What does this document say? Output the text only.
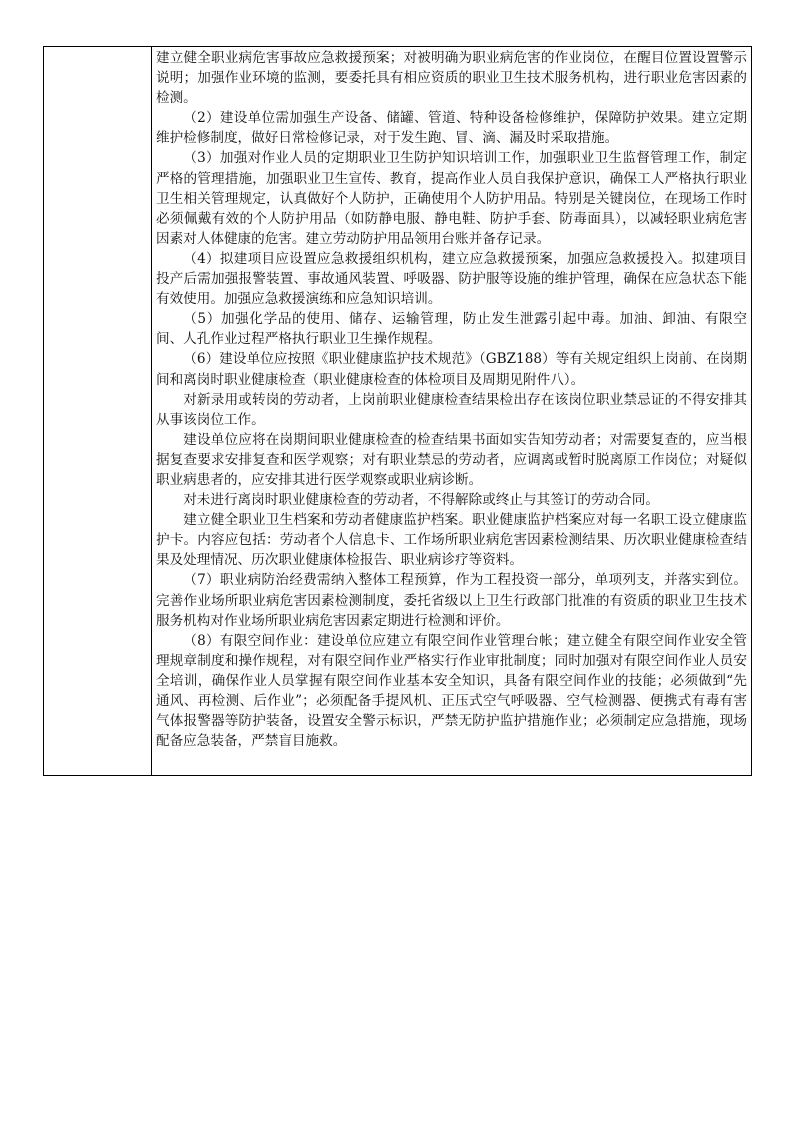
建立健全职业病危害事故应急救援预案；对被明确为职业病危害的作业岗位，在醒目位置设置警示说明；加强作业环境的监测，要委托具有相应资质的职业卫生技术服务机构，进行职业危害因素的检测。

（2）建设单位需加强生产设备、储罐、管道、特种设备检修维护，保障防护效果。建立定期维护检修制度，做好日常检修记录，对于发生跑、冒、滴、漏及时采取措施。

（3）加强对作业人员的定期职业卫生防护知识培训工作，加强职业卫生监督管理工作，制定严格的管理措施，加强职业卫生宣传、教育，提高作业人员自我保护意识，确保工人严格执行职业卫生相关管理规定，认真做好个人防护，正确使用个人防护用品。特别是关键岗位，在现场工作时必须佩戴有效的个人防护用品（如防静电服、静电鞋、防护手套、防毒面具），以减轻职业病危害因素对人体健康的危害。建立劳动防护用品领用台账并备存记录。

（4）拟建项目应设置应急救援组织机构，建立应急救援预案，加强应急救援投入。拟建项目投产后需加强报警装置、事故通风装置、呼吸器、防护服等设施的维护管理，确保在应急状态下能有效使用。加强应急救援演练和应急知识培训。

（5）加强化学品的使用、储存、运输管理，防止发生泄露引起中毒。加油、卸油、有限空间、人孔作业过程严格执行职业卫生操作规程。

（6）建设单位应按照《职业健康监护技术规范》（GBZ188）等有关规定组织上岗前、在岗期间和离岗时职业健康检查（职业健康检查的体检项目及周期见附件八）。

对新录用或转岗的劳动者，上岗前职业健康检查结果检出存在该岗位职业禁忌证的不得安排其从事该岗位工作。

建设单位应将在岗期间职业健康检查的检查结果书面如实告知劳动者；对需要复查的，应当根据复查要求安排复查和医学观察；对有职业禁忌的劳动者，应调离或暂时脱离原工作岗位；对疑似职业病患者的，应安排其进行医学观察或职业病诊断。

对未进行离岗时职业健康检查的劳动者，不得解除或终止与其签订的劳动合同。

建立健全职业卫生档案和劳动者健康监护档案。职业健康监护档案应对每一名职工设立健康监护卡。内容应包括：劳动者个人信息卡、工作场所职业病危害因素检测结果、历次职业健康检查结果及处理情况、历次职业健康体检报告、职业病诊疗等资料。

（7）职业病防治经费需纳入整体工程预算，作为工程投资一部分，单项列支，并落实到位。完善作业场所职业病危害因素检测制度，委托省级以上卫生行政部门批准的有资质的职业卫生技术服务机构对作业场所职业病危害因素定期进行检测和评价。

（8）有限空间作业：建设单位应建立有限空间作业管理台帐；建立健全有限空间作业安全管理规章制度和操作规程，对有限空间作业严格实行作业审批制度；同时加强对有限空间作业人员安全培训，确保作业人员掌握有限空间作业基本安全知识，具备有限空间作业的技能；必须做到“先通风、再检测、后作业”；必须配备手提风机、正压式空气呼吸器、空气检测器、便携式有毒有害气体报警器等防护装备，设置安全警示标识，严禁无防护监护措施作业；必须制定应急措施，现场配备应急装备，严禁盲目施救。
